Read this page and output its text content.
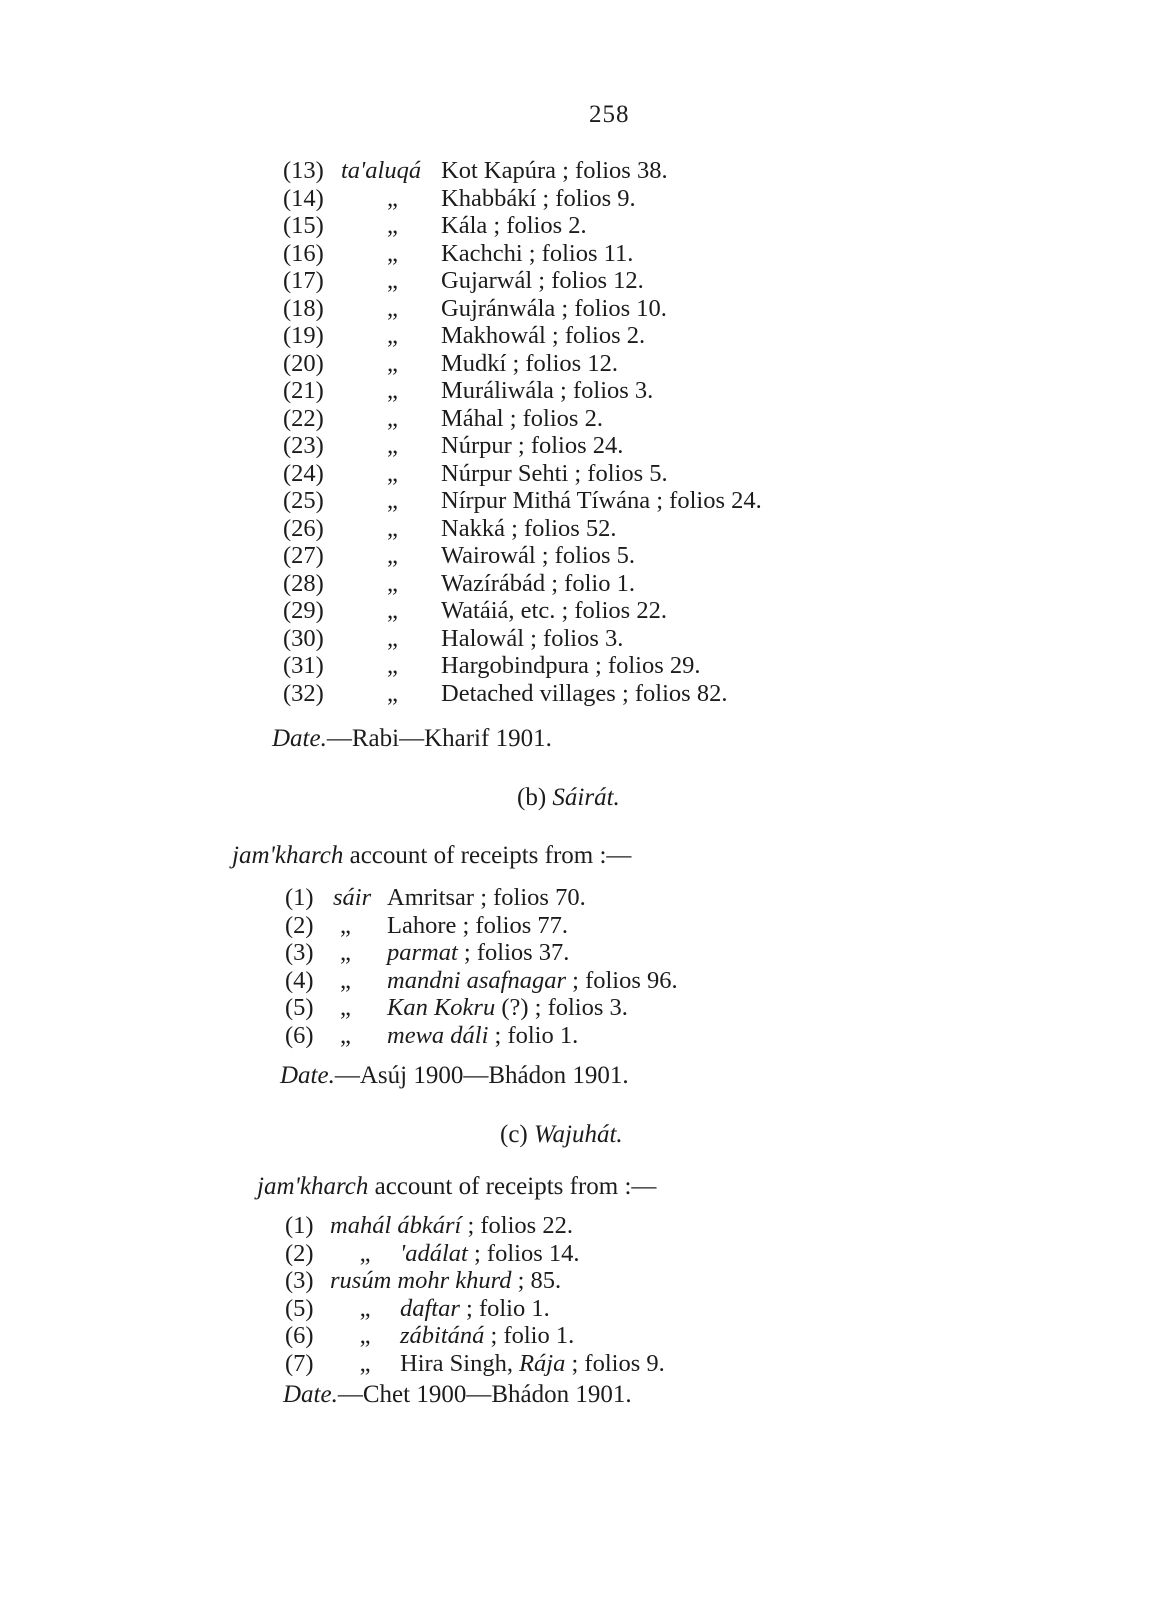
258
(13) ta'aluqá Kot Kapúra ; folios 38.
(14)	„ Khabbákí ; folios 9.
(15)	„ Kála ; folios 2.
(16)	„ Kachchi ; folios 11.
(17)	„ Gujarwál ; folios 12.
(18)	„ Gujránwála ; folios 10.
(19)	„ Makhowál ; folios 2.
(20)	„ Mudkí ; folios 12.
(21)	„ Muráliwála ; folios 3.
(22)	„ Máhal ; folios 2.
(23)	„ Núrpur ; folios 24.
(24)	„ Núrpur Sehti ; folios 5.
(25)	„ Nírpur Mithá Tíwána ; folios 24.
(26)	„ Nakká ; folios 52.
(27)	„ Wairowál ; folios 5.
(28)	„ Wazírábád ; folio 1.
(29)	„ Watáiá, etc. ; folios 22.
(30)	„ Halowál ; folios 3.
(31)	„ Hargobindpura ; folios 29.
(32)	„ Detached villages ; folios 82.
Date.—Rabi—Kharif 1901.
(b) Sáirát.
jam'kharch account of receipts from :—
(1) sáir Amritsar ; folios 70.
(2) „ Lahore ; folios 77.
(3) „ parmat ; folios 37.
(4) „ mandni asafnagar ; folios 96.
(5) „ Kan Kokru (?) ; folios 3.
(6) „ mewa dáli ; folio 1.
Date.—Asúj 1900—Bhádon 1901.
(c) Wajuhát.
jam'kharch account of receipts from :—
(1) mahál ábkárí ; folios 22.
(2)	„ 'adálat ; folios 14.
(3) rusúm mohr khurd ; 85.
(5)	„ daftar ; folio 1.
(6)	„ zábitáná ; folio 1.
(7)	„ Hira Singh, Rája ; folios 9.
Date.—Chet 1900—Bhádon 1901.
